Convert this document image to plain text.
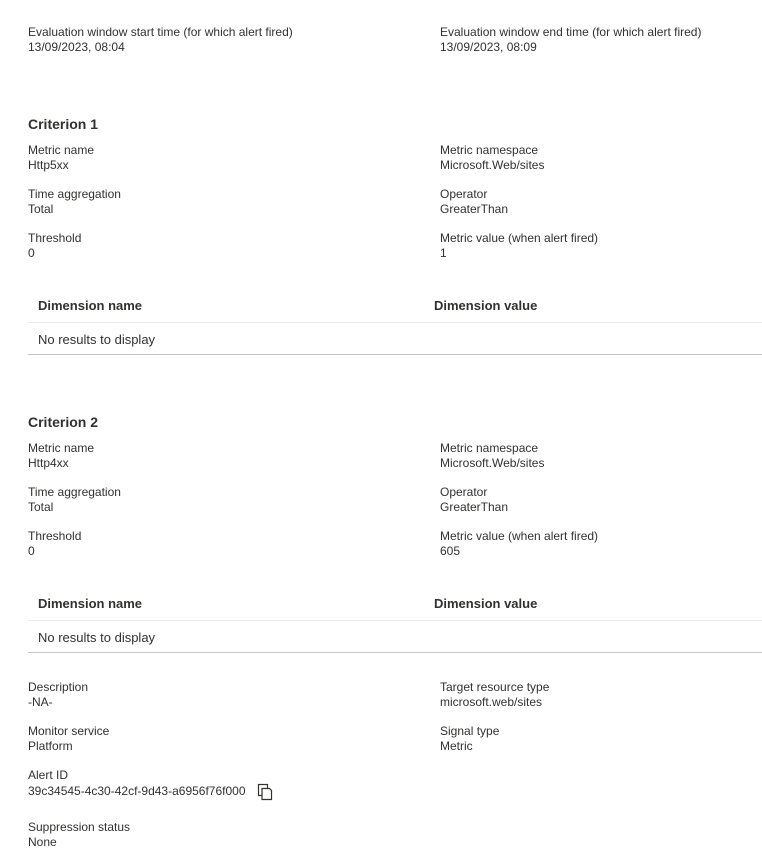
Evaluation window start time (for which alert fired)
13/09/2023, 08:04
Evaluation window end time (for which alert fired)
13/09/2023, 08:09
Criterion 1
Metric name
Http5xx
Metric namespace
Microsoft.Web/sites
Time aggregation
Total
Operator
GreaterThan
Threshold
0
Metric value (when alert fired)
1
Dimension name	Dimension value
No results to display
Criterion 2
Metric name
Http4xx
Metric namespace
Microsoft.Web/sites
Time aggregation
Total
Operator
GreaterThan
Threshold
0
Metric value (when alert fired)
605
Dimension name	Dimension value
No results to display
Description
-NA-
Target resource type
microsoft.web/sites
Monitor service
Platform
Signal type
Metric
Alert ID
39c34545-4c30-42cf-9d43-a6956f76f000
Suppression status
None
